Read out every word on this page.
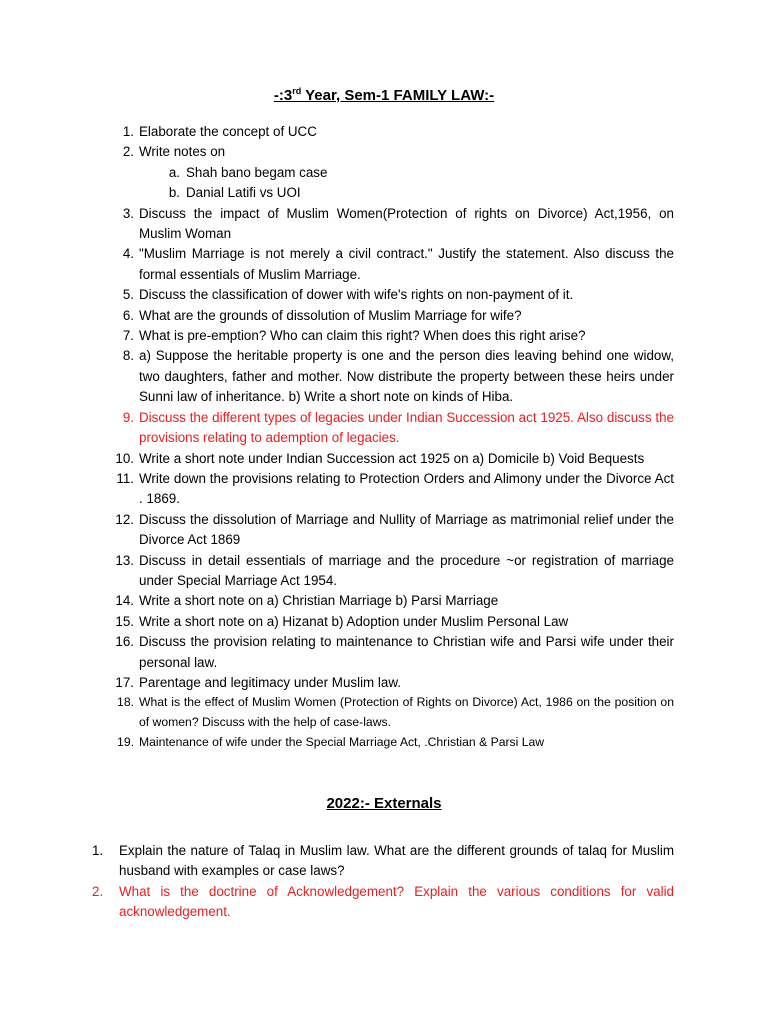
-:3rd Year, Sem-1 FAMILY LAW:-
1. Elaborate the concept of UCC
2. Write notes on
a. Shah bano begam case
b. Danial Latifi vs UOI
3. Discuss the impact of Muslim Women(Protection of rights on Divorce) Act,1956, on Muslim Woman
4. "Muslim Marriage is not merely a civil contract." Justify the statement. Also discuss the formal essentials of Muslim Marriage.
5. Discuss the classification of dower with wife's rights on non-payment of it.
6. What are the grounds of dissolution of Muslim Marriage for wife?
7. What is pre-emption? Who can claim this right? When does this right arise?
8. a) Suppose the heritable property is one and the person dies leaving behind one widow, two daughters, father and mother. Now distribute the property between these heirs under Sunni law of inheritance. b) Write a short note on kinds of Hiba.
9. Discuss the different types of legacies under Indian Succession act 1925. Also discuss the provisions relating to ademption of legacies.
10. Write a short note under Indian Succession act 1925 on a) Domicile b) Void Bequests
11. Write down the provisions relating to Protection Orders and Alimony under the Divorce Act . 1869.
12. Discuss the dissolution of Marriage and Nullity of Marriage as matrimonial relief under the Divorce Act 1869
13. Discuss in detail essentials of marriage and the procedure ~or registration of marriage under Special Marriage Act 1954.
14. Write a short note on a) Christian Marriage b) Parsi Marriage
15. Write a short note on a) Hizanat b) Adoption under Muslim Personal Law
16. Discuss the provision relating to maintenance to Christian wife and Parsi wife under their personal law.
17. Parentage and legitimacy under Muslim law.
18. What is the effect of Muslim Women (Protection of Rights on Divorce) Act, 1986 on the position on of women? Discuss with the help of case-laws.
19. Maintenance of wife under the Special Marriage Act, .Christian & Parsi Law
2022:- Externals
1.	Explain the nature of Talaq in Muslim law. What are the different grounds of talaq for Muslim husband with examples or case laws?
2.	What is the doctrine of Acknowledgement? Explain the various conditions for valid acknowledgement.
